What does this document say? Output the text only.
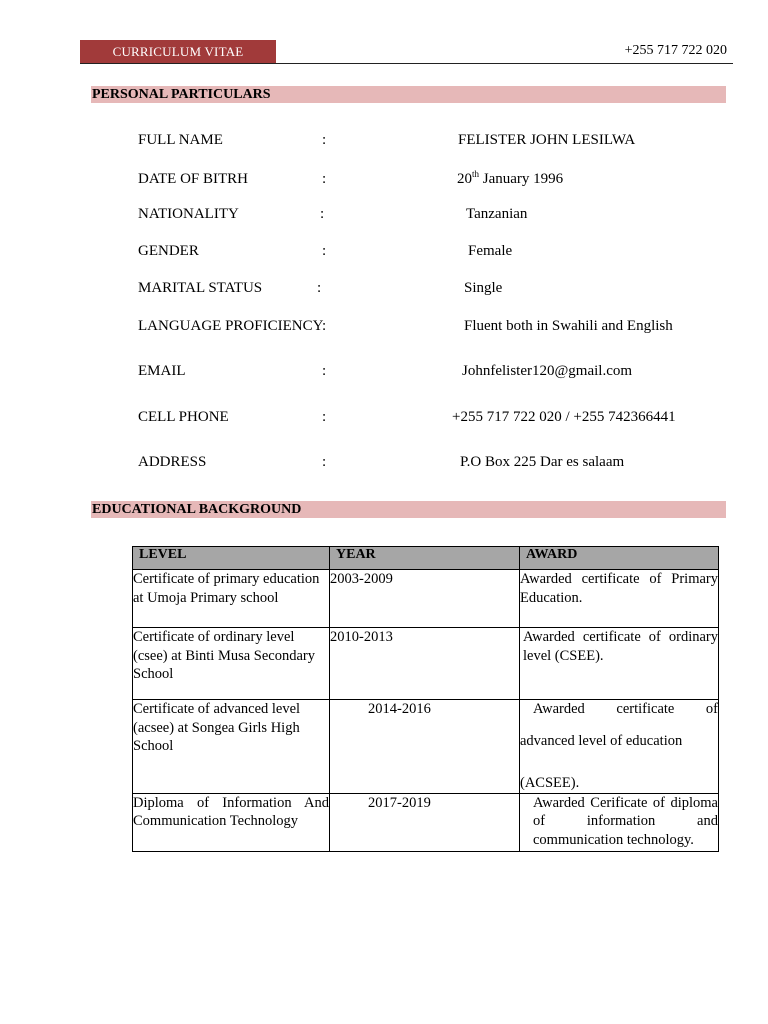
CURRICULUM VITAE	+255 717 722 020
PERSONAL PARTICULARS
FULL NAME	:	FELISTER JOHN LESILWA
DATE OF BITRH	:	20th January 1996
NATIONALITY	:	Tanzanian
GENDER	:	Female
MARITAL STATUS	:	Single
LANGUAGE PROFICIENCY:	Fluent both in Swahili and English
EMAIL	:	Johnfelister120@gmail.com
CELL PHONE	:	+255 717 722 020 / +255 742366441
ADDRESS	:	P.O Box 225 Dar es salaam
EDUCATIONAL BACKGROUND
LEVEL	YEAR	AWARD

Certificate of primary education at Umoja Primary school	2003-2009	Awarded certificate of Primary Education.
Certificate of ordinary level (csee) at Binti Musa Secondary School	2010-2013	Awarded certificate of ordinary level (CSEE).
Certificate of advanced level (acsee) at Songea Girls High School	2014-2016	Awarded certificate of

advanced level of education

(ACSEE).

Diploma of Information And Communication Technology	2017-2019	Awarded Cerificate of diploma of information and communication technology.
